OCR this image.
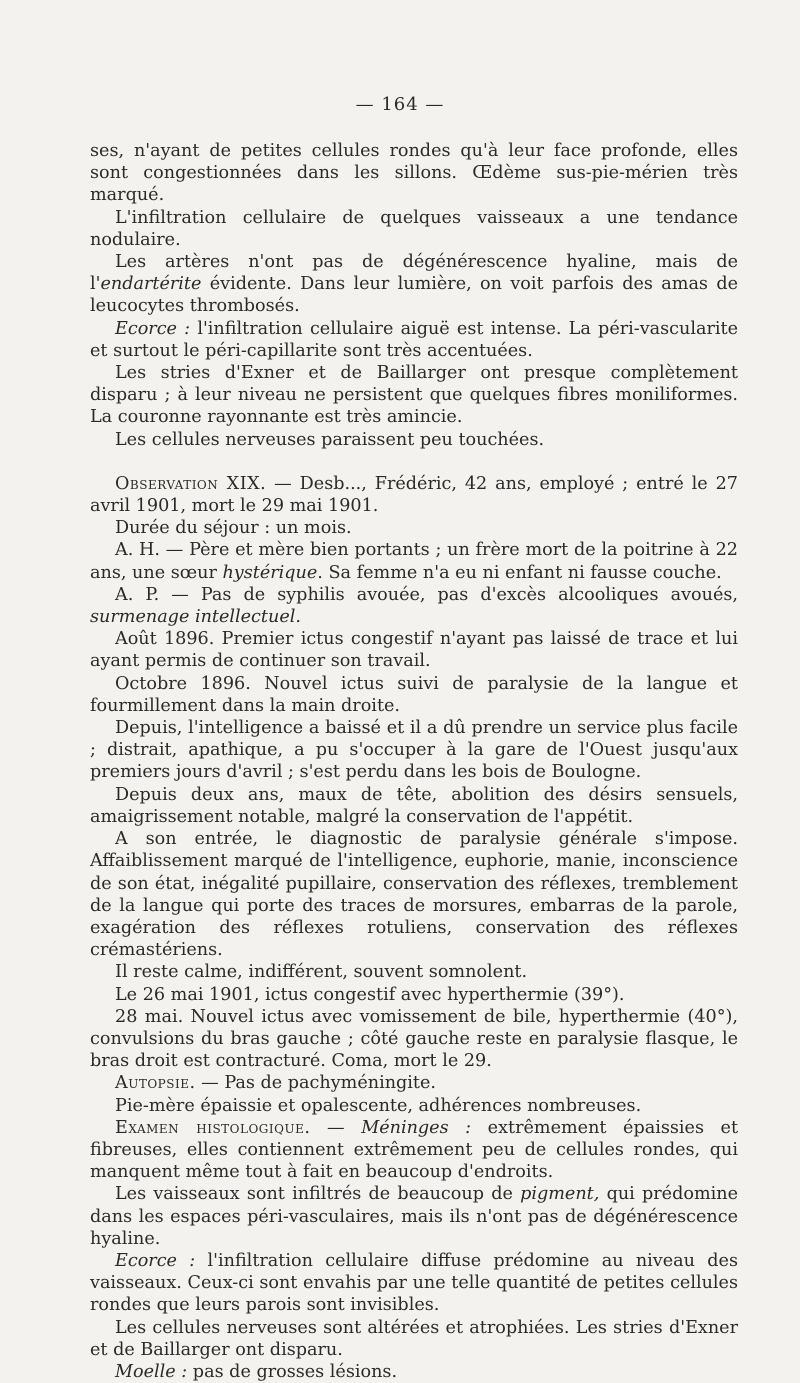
— 164 —

ses, n'ayant de petites cellules rondes qu'à leur face profonde, elles sont congestionnées dans les sillons. Œdème sus-pie-mérien très marqué.

L'infiltration cellulaire de quelques vaisseaux a une tendance nodulaire.

Les artères n'ont pas de dégénérescence hyaline, mais de l'endartérite évidente. Dans leur lumière, on voit parfois des amas de leucocytes thrombosés.

Ecorce : l'infiltration cellulaire aiguë est intense. La péri-vascularite et surtout le péri-capillarite sont très accentuées.

Les stries d'Exner et de Baillarger ont presque complètement disparu ; à leur niveau ne persistent que quelques fibres moniliformes. La couronne rayonnante est très amincie.

Les cellules nerveuses paraissent peu touchées.

Observation XIX. — Desb..., Frédéric, 42 ans, employé ; entré le 27 avril 1901, mort le 29 mai 1901.

Durée du séjour : un mois.

A. H. — Père et mère bien portants ; un frère mort de la poitrine à 22 ans, une sœur hystérique. Sa femme n'a eu ni enfant ni fausse couche.

A. P. — Pas de syphilis avouée, pas d'excès alcooliques avoués, surmenage intellectuel.

Août 1896. Premier ictus congestif n'ayant pas laissé de trace et lui ayant permis de continuer son travail.

Octobre 1896. Nouvel ictus suivi de paralysie de la langue et fourmillement dans la main droite.

Depuis, l'intelligence a baissé et il a dû prendre un service plus facile ; distrait, apathique, a pu s'occuper à la gare de l'Ouest jusqu'aux premiers jours d'avril ; s'est perdu dans les bois de Boulogne.

Depuis deux ans, maux de tête, abolition des désirs sensuels, amaigrissement notable, malgré la conservation de l'appétit.

A son entrée, le diagnostic de paralysie générale s'impose. Affaiblissement marqué de l'intelligence, euphorie, manie, inconscience de son état, inégalité pupillaire, conservation des réflexes, tremblement de la langue qui porte des traces de morsures, embarras de la parole, exagération des réflexes rotuliens, conservation des réflexes crémastériens.

Il reste calme, indifférent, souvent somnolent.

Le 26 mai 1901, ictus congestif avec hyperthermie (39°).

28 mai. Nouvel ictus avec vomissement de bile, hyperthermie (40°), convulsions du bras gauche ; côté gauche reste en paralysie flasque, le bras droit est contracturé. Coma, mort le 29.

Autopsie. — Pas de pachyméningite.

Pie-mère épaissie et opalescente, adhérences nombreuses.

Examen histologique. — Méninges : extrêmement épaissies et fibreuses, elles contiennent extrêmement peu de cellules rondes, qui manquent même tout à fait en beaucoup d'endroits.

Les vaisseaux sont infiltrés de beaucoup de pigment, qui prédomine dans les espaces péri-vasculaires, mais ils n'ont pas de dégénérescence hyaline.

Ecorce : l'infiltration cellulaire diffuse prédomine au niveau des vaisseaux. Ceux-ci sont envahis par une telle quantité de petites cellules rondes que leurs parois sont invisibles.

Les cellules nerveuses sont altérées et atrophiées. Les stries d'Exner et de Baillarger ont disparu.

Moelle : pas de grosses lésions.
